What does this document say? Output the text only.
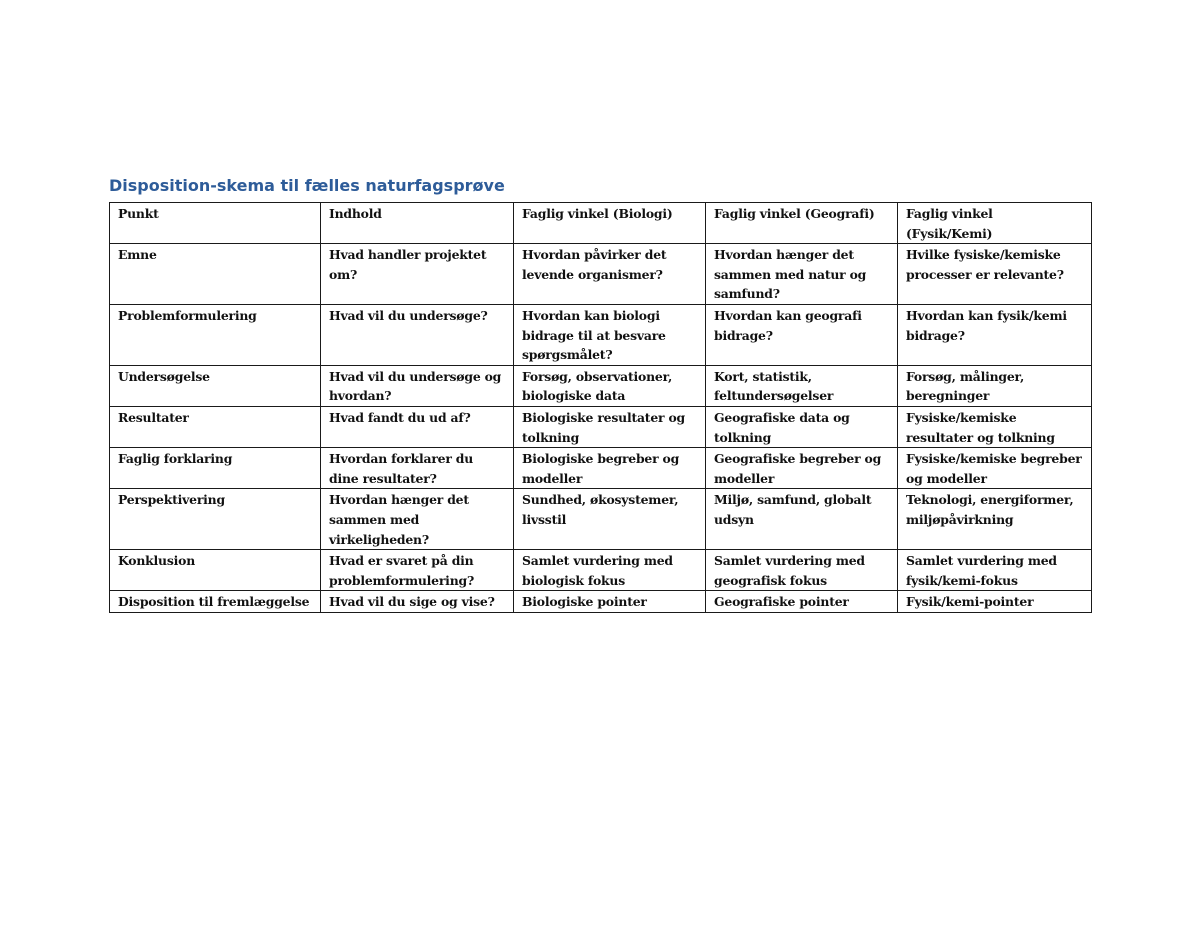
Disposition-skema til fælles naturfagsprøve
Punkt	Indhold	Faglig vinkel (Biologi)	Faglig vinkel (Geografi)	Faglig vinkel (Fysik/Kemi)
Emne	Hvad handler projektet om?	Hvordan påvirker det levende organismer?	Hvordan hænger det sammen med natur og samfund?	Hvilke fysiske/kemiske processer er relevante?
Problemformulering	Hvad vil du undersøge?	Hvordan kan biologi bidrage til at besvare spørgsmålet?	Hvordan kan geografi bidrage?	Hvordan kan fysik/kemi bidrage?
Undersøgelse	Hvad vil du undersøge og hvordan?	Forsøg, observationer, biologiske data	Kort, statistik, feltundersøgelser	Forsøg, målinger, beregninger
Resultater	Hvad fandt du ud af?	Biologiske resultater og tolkning	Geografiske data og tolkning	Fysiske/kemiske resultater og tolkning
Faglig forklaring	Hvordan forklarer du dine resultater?	Biologiske begreber og modeller	Geografiske begreber og modeller	Fysiske/kemiske begreber og modeller
Perspektivering	Hvordan hænger det sammen med virkeligheden?	Sundhed, økosystemer, livsstil	Miljø, samfund, globalt udsyn	Teknologi, energiformer, miljøpåvirkning
Konklusion	Hvad er svaret på din problemformulering?	Samlet vurdering med biologisk fokus	Samlet vurdering med geografisk fokus	Samlet vurdering med fysik/kemi-fokus
Disposition til fremlæggelse	Hvad vil du sige og vise?	Biologiske pointer	Geografiske pointer	Fysik/kemi-pointer
